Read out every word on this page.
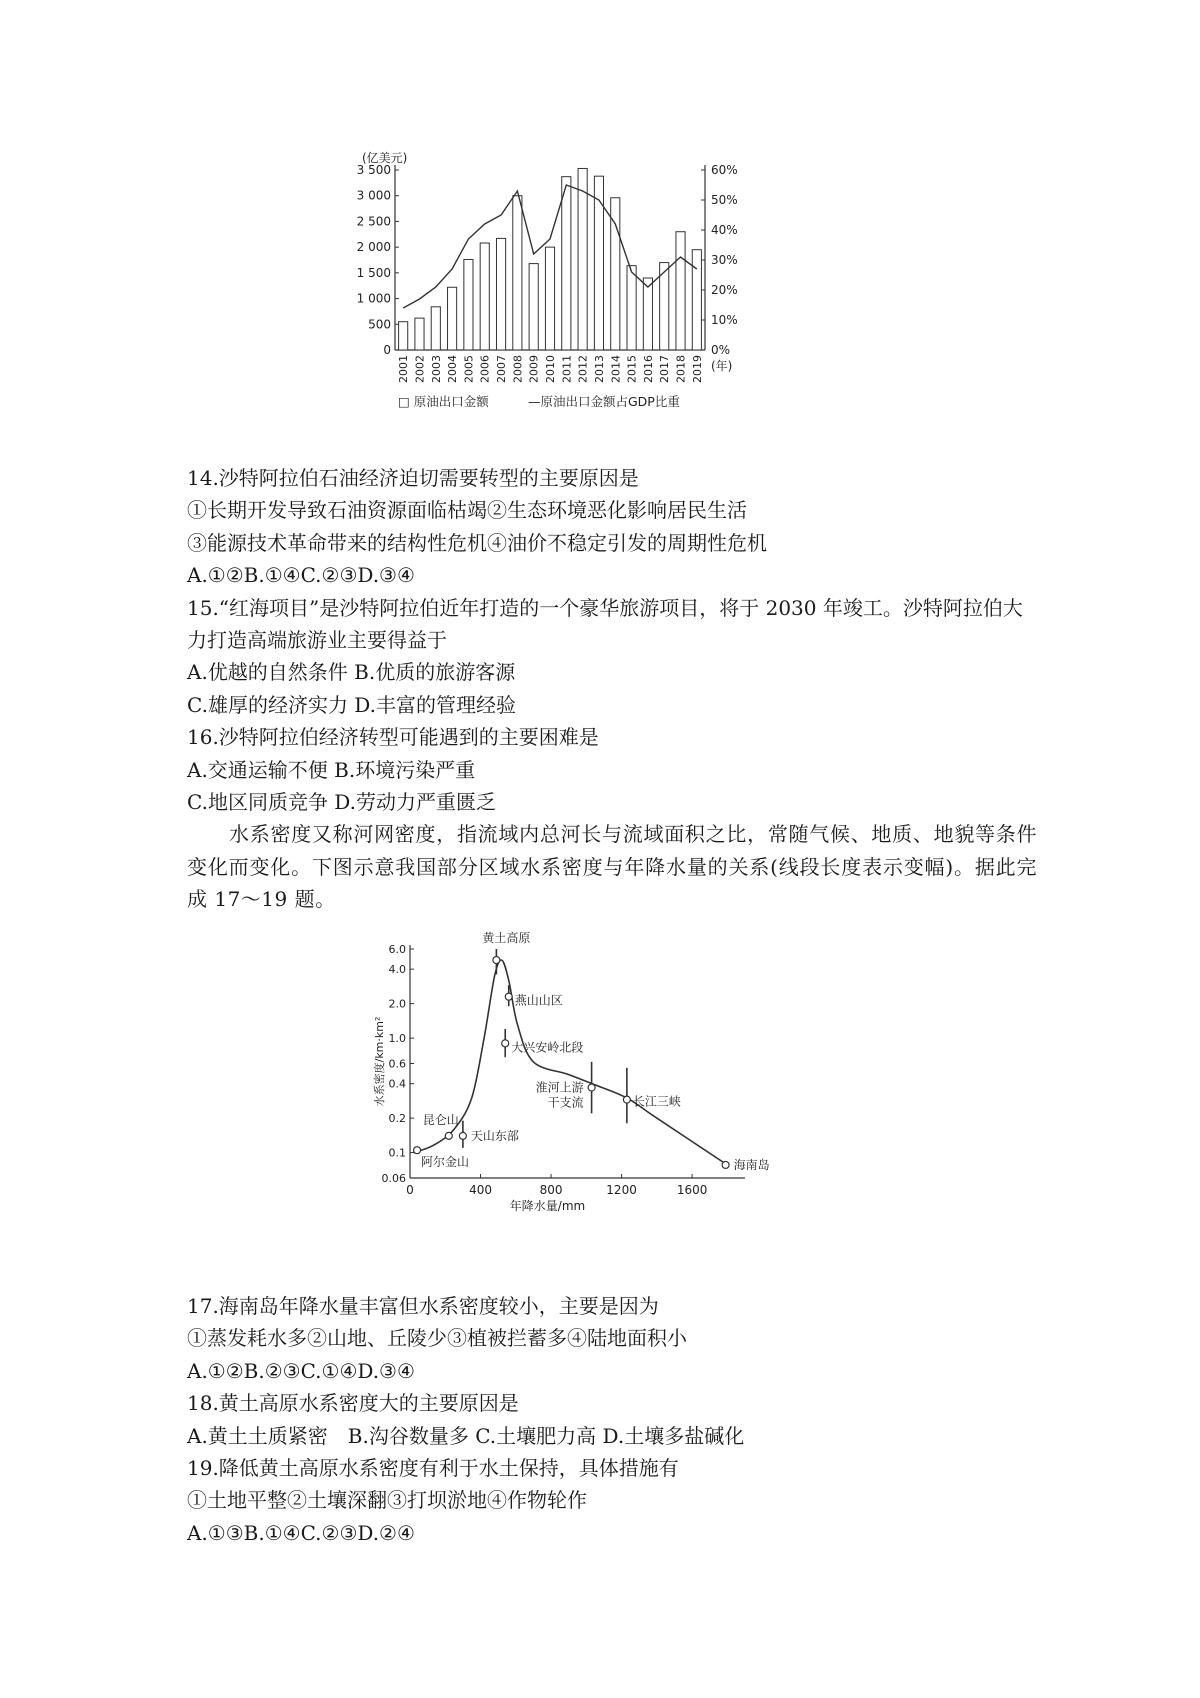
(亿美元)
0
500
1 000
1 500
2 000
2 500
3 000
3 500
0%
10%
20%
30%
40%
50%
60%
2001 2002 2003 2004 2005 2006 2007 2008 2009 2010 2011 2012 2013 2014 2015 2016 2017 2018 2019 (年)
□ 原油出口金额	—原油出口金额占GDP比重

14.沙特阿拉伯石油经济迫切需要转型的主要原因是

①长期开发导致石油资源面临枯竭②生态环境恶化影响居民生活

③能源技术革命带来的结构性危机④油价不稳定引发的周期性危机

A.①②B.①④C.②③D.③④

15.“红海项目”是沙特阿拉伯近年打造的一个豪华旅游项目，将于 2030 年竣工。沙特阿拉伯大力打造高端旅游业主要得益于

A.优越的自然条件 B.优质的旅游客源

C.雄厚的经济实力 D.丰富的管理经验

16.沙特阿拉伯经济转型可能遇到的主要困难是

A.交通运输不便 B.环境污染严重

C.地区同质竞争 D.劳动力严重匮乏

水系密度又称河网密度，指流域内总河长与流域面积之比，常随气候、地质、地貌等条件变化而变化。下图示意我国部分区域水系密度与年降水量的关系(线段长度表示变幅)。据此完成 17～19 题。

0.06
0.1
0.2
0.4
0.6
1.0
2.0
4.0
6.0
0	400	800	1200	1600
年降水量/mm
水系密度/km·km²
黄土高原
燕山山区
大兴安岭北段
淮河上游
干支流	长江三峡
昆仑山
天山东部
阿尔金山	海南岛

17.海南岛年降水量丰富但水系密度较小，主要是因为

①蒸发耗水多②山地、丘陵少③植被拦蓄多④陆地面积小

A.①②B.②③C.①④D.③④

18.黄土高原水系密度大的主要原因是

A.黄土土质紧密　B.沟谷数量多 C.土壤肥力高 D.土壤多盐碱化

19.降低黄土高原水系密度有利于水土保持，具体措施有

①土地平整②土壤深翻③打坝淤地④作物轮作

A.①③B.①④C.②③D.②④
